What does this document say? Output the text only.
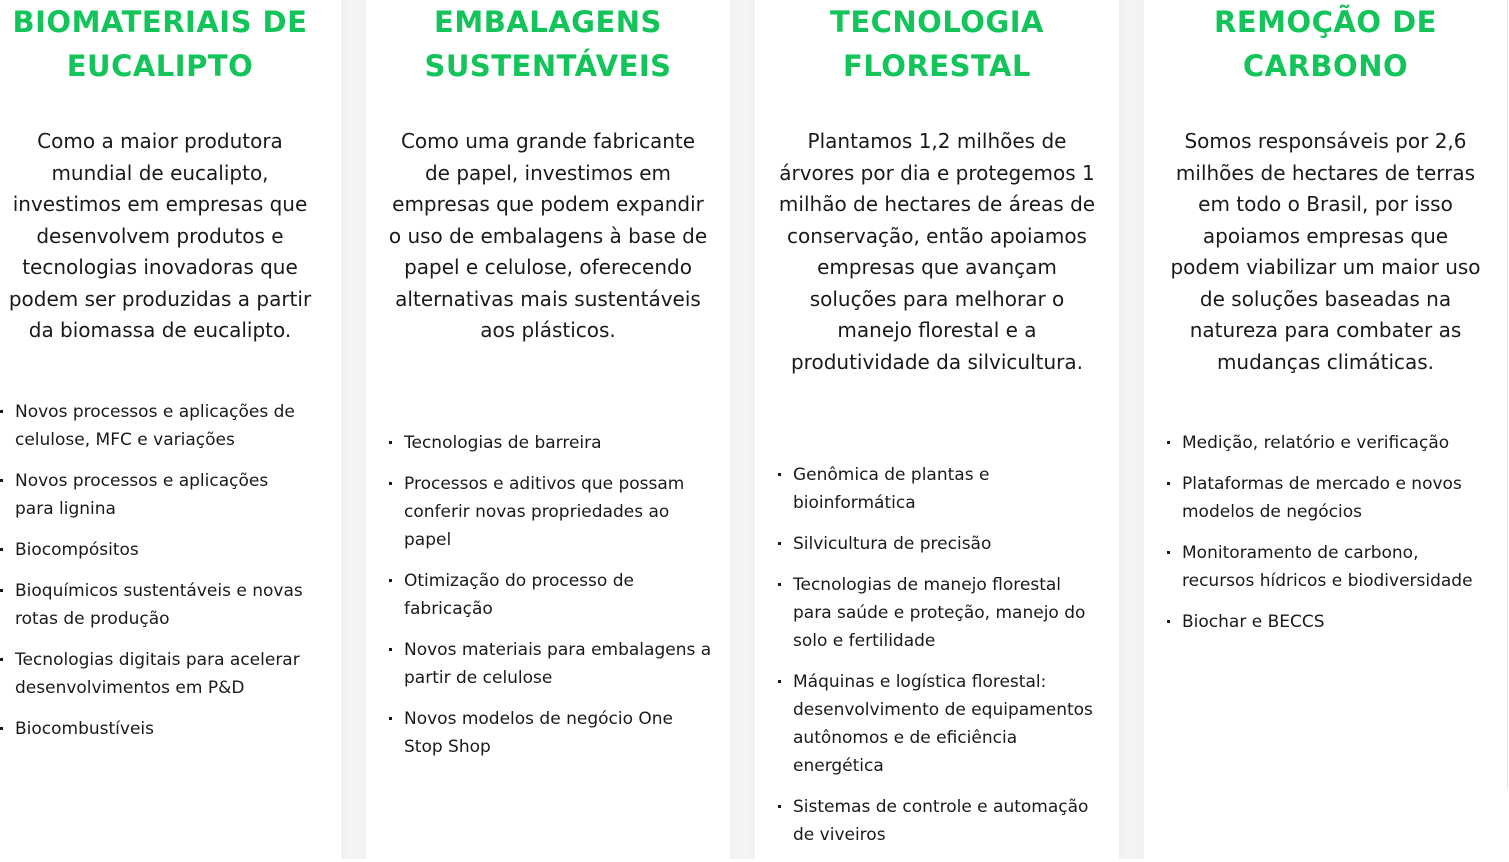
BIOMATERIAIS DE
EUCALIPTO

Como a maior produtora mundial de eucalipto, investimos em empresas que desenvolvem produtos e tecnologias inovadoras que podem ser produzidas a partir da biomassa de eucalipto.

Novos processos e aplicações de celulose, MFC e variações
Novos processos e aplicações para lignina
Biocompósitos
Bioquímicos sustentáveis e novas rotas de produção
Tecnologias digitais para acelerar desenvolvimentos em P&D
Biocombustíveis
EMBALAGENS
SUSTENTÁVEIS

Como uma grande fabricante de papel, investimos em empresas que podem expandir o uso de embalagens à base de papel e celulose, oferecendo alternativas mais sustentáveis aos plásticos.

Tecnologias de barreira
Processos e aditivos que possam conferir novas propriedades ao papel
Otimização do processo de fabricação
Novos materiais para embalagens a partir de celulose
Novos modelos de negócio One Stop Shop
TECNOLOGIA
FLORESTAL

Plantamos 1,2 milhões de árvores por dia e protegemos 1 milhão de hectares de áreas de conservação, então apoiamos empresas que avançam soluções para melhorar o manejo florestal e a produtividade da silvicultura.

Genômica de plantas e bioinformática
Silvicultura de precisão
Tecnologias de manejo florestal para saúde e proteção, manejo do solo e fertilidade
Máquinas e logística florestal: desenvolvimento de equipamentos autônomos e de eficiência energética
Sistemas de controle e automação de viveiros
REMOÇÃO DE
CARBONO

Somos responsáveis por 2,6 milhões de hectares de terras em todo o Brasil, por isso apoiamos empresas que podem viabilizar um maior uso de soluções baseadas na natureza para combater as mudanças climáticas.

Medição, relatório e verificação
Plataformas de mercado e novos modelos de negócios
Monitoramento de carbono, recursos hídricos e biodiversidade
Biochar e BECCS
